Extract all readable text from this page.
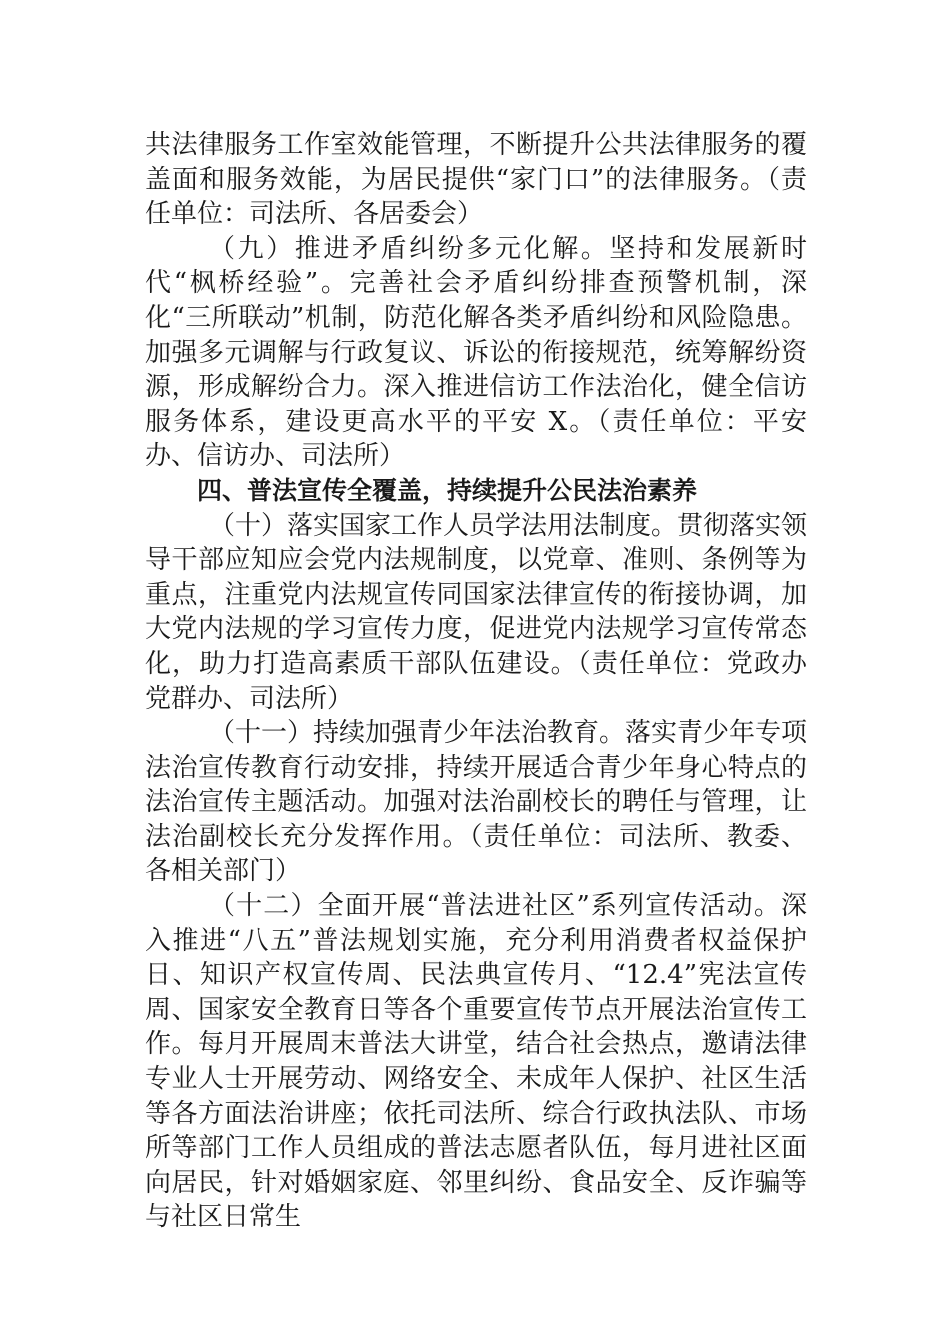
共法律服务工作室效能管理，不断提升公共法律服务的覆盖面和服务效能，为居民提供“家门口”的法律服务。（责任单位：司法所、各居委会）

（九）推进矛盾纠纷多元化解。坚持和发展新时代“枫桥经验”。完善社会矛盾纠纷排查预警机制，深化“三所联动”机制，防范化解各类矛盾纠纷和风险隐患。加强多元调解与行政复议、诉讼的衔接规范，统筹解纷资源，形成解纷合力。深入推进信访工作法治化，健全信访服务体系，建设更高水平的平安 X。（责任单位：平安办、信访办、司法所）

四、普法宣传全覆盖，持续提升公民法治素养

（十）落实国家工作人员学法用法制度。贯彻落实领导干部应知应会党内法规制度，以党章、准则、条例等为重点，注重党内法规宣传同国家法律宣传的衔接协调，加大党内法规的学习宣传力度，促进党内法规学习宣传常态化，助力打造高素质干部队伍建设。（责任单位：党政办党群办、司法所）

（十一）持续加强青少年法治教育。落实青少年专项法治宣传教育行动安排，持续开展适合青少年身心特点的法治宣传主题活动。加强对法治副校长的聘任与管理，让法治副校长充分发挥作用。（责任单位：司法所、教委、各相关部门）

（十二）全面开展“普法进社区”系列宣传活动。深入推进“八五”普法规划实施，充分利用消费者权益保护日、知识产权宣传周、民法典宣传月、“12.4”宪法宣传周、国家安全教育日等各个重要宣传节点开展法治宣传工作。每月开展周末普法大讲堂，结合社会热点，邀请法律专业人士开展劳动、网络安全、未成年人保护、社区生活等各方面法治讲座；依托司法所、综合行政执法队、市场所等部门工作人员组成的普法志愿者队伍，每月进社区面向居民，针对婚姻家庭、邻里纠纷、食品安全、反诈骗等与社区日常生
